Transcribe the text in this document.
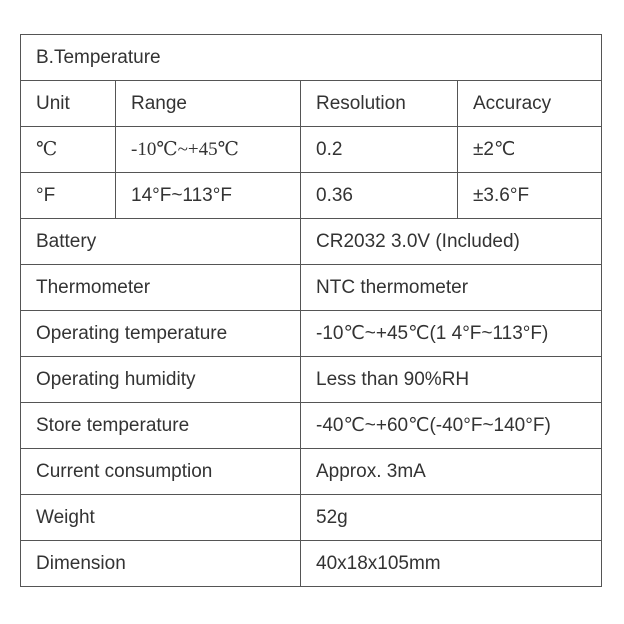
B.Temperature			
Unit	Range	Resolution	Accuracy
℃	-10℃~+45℃	0.2	±2℃
°F	14°F~113°F	0.36	±3.6°F
Battery		CR2032 3.0V (Included)	
Thermometer		NTC thermometer	
Operating temperature		-10℃~+45℃(1 4°F~113°F)	
Operating humidity		Less than 90%RH	
Store temperature		-40℃~+60℃(-40°F~140°F)	
Current consumption		Approx. 3mA	
Weight		52g	
Dimension		40x18x105mm	
